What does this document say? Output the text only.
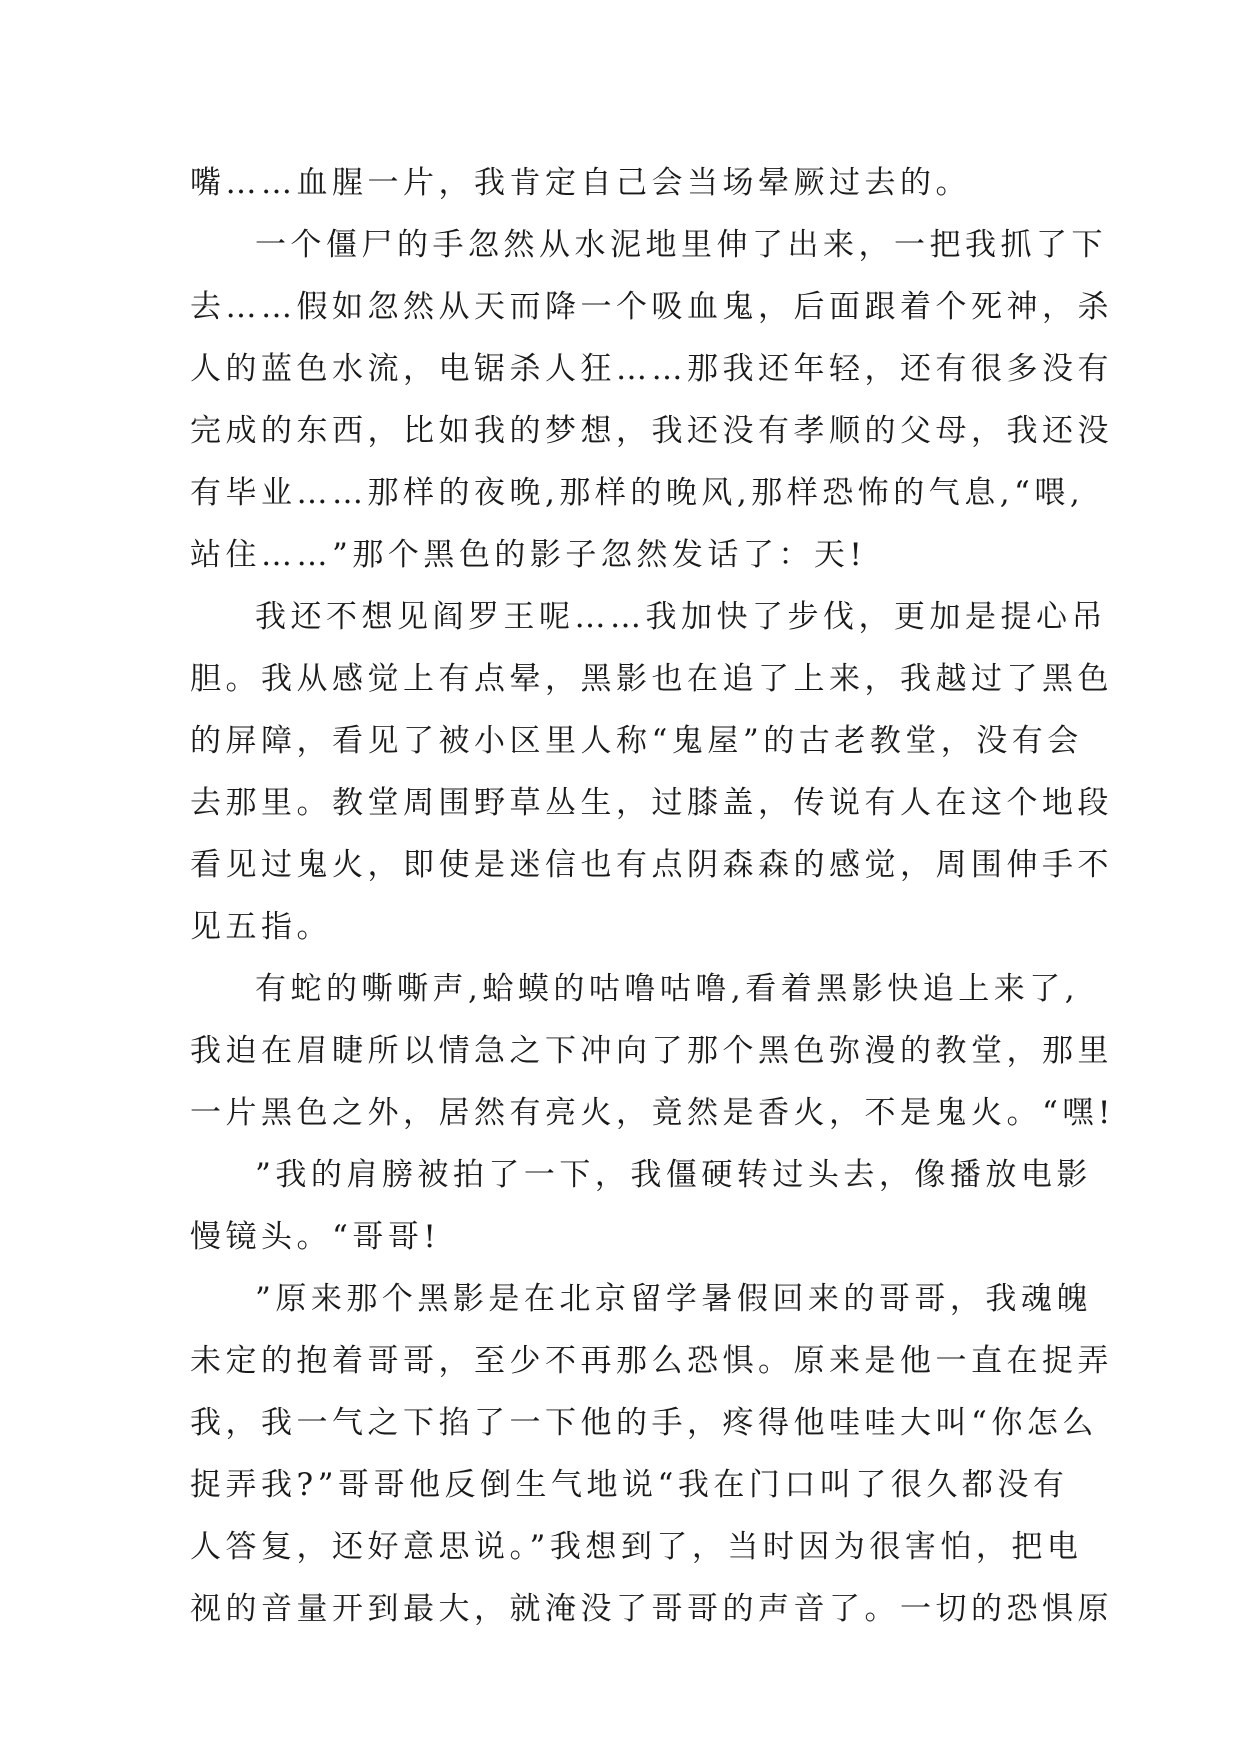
嘴……血腥一片，我肯定自己会当场晕厥过去的。
一个僵尸的手忽然从水泥地里伸了出来，一把我抓了下
去……假如忽然从天而降一个吸血鬼，后面跟着个死神，杀
人的蓝色水流，电锯杀人狂……那我还年轻，还有很多没有
完成的东西，比如我的梦想，我还没有孝顺的父母，我还没
有毕业……那样的夜晚,那样的晚风,那样恐怖的气息,“喂,
站住……”那个黑色的影子忽然发话了：天!
我还不想见阎罗王呢……我加快了步伐，更加是提心吊
胆。我从感觉上有点晕，黑影也在追了上来，我越过了黑色
的屏障，看见了被小区里人称“鬼屋”的古老教堂，没有会
去那里。教堂周围野草丛生，过膝盖，传说有人在这个地段
看见过鬼火，即使是迷信也有点阴森森的感觉，周围伸手不
见五指。
有蛇的嘶嘶声,蛤蟆的咕噜咕噜,看着黑影快追上来了,
我迫在眉睫所以情急之下冲向了那个黑色弥漫的教堂，那里
一片黑色之外，居然有亮火，竟然是香火，不是鬼火。“嘿!
”我的肩膀被拍了一下，我僵硬转过头去，像播放电影
慢镜头。“哥哥!
”原来那个黑影是在北京留学暑假回来的哥哥，我魂魄
未定的抱着哥哥，至少不再那么恐惧。原来是他一直在捉弄
我，我一气之下掐了一下他的手，疼得他哇哇大叫“你怎么
捉弄我?”哥哥他反倒生气地说“我在门口叫了很久都没有
人答复，还好意思说。”我想到了，当时因为很害怕，把电
视的音量开到最大，就淹没了哥哥的声音了。一切的恐惧原
